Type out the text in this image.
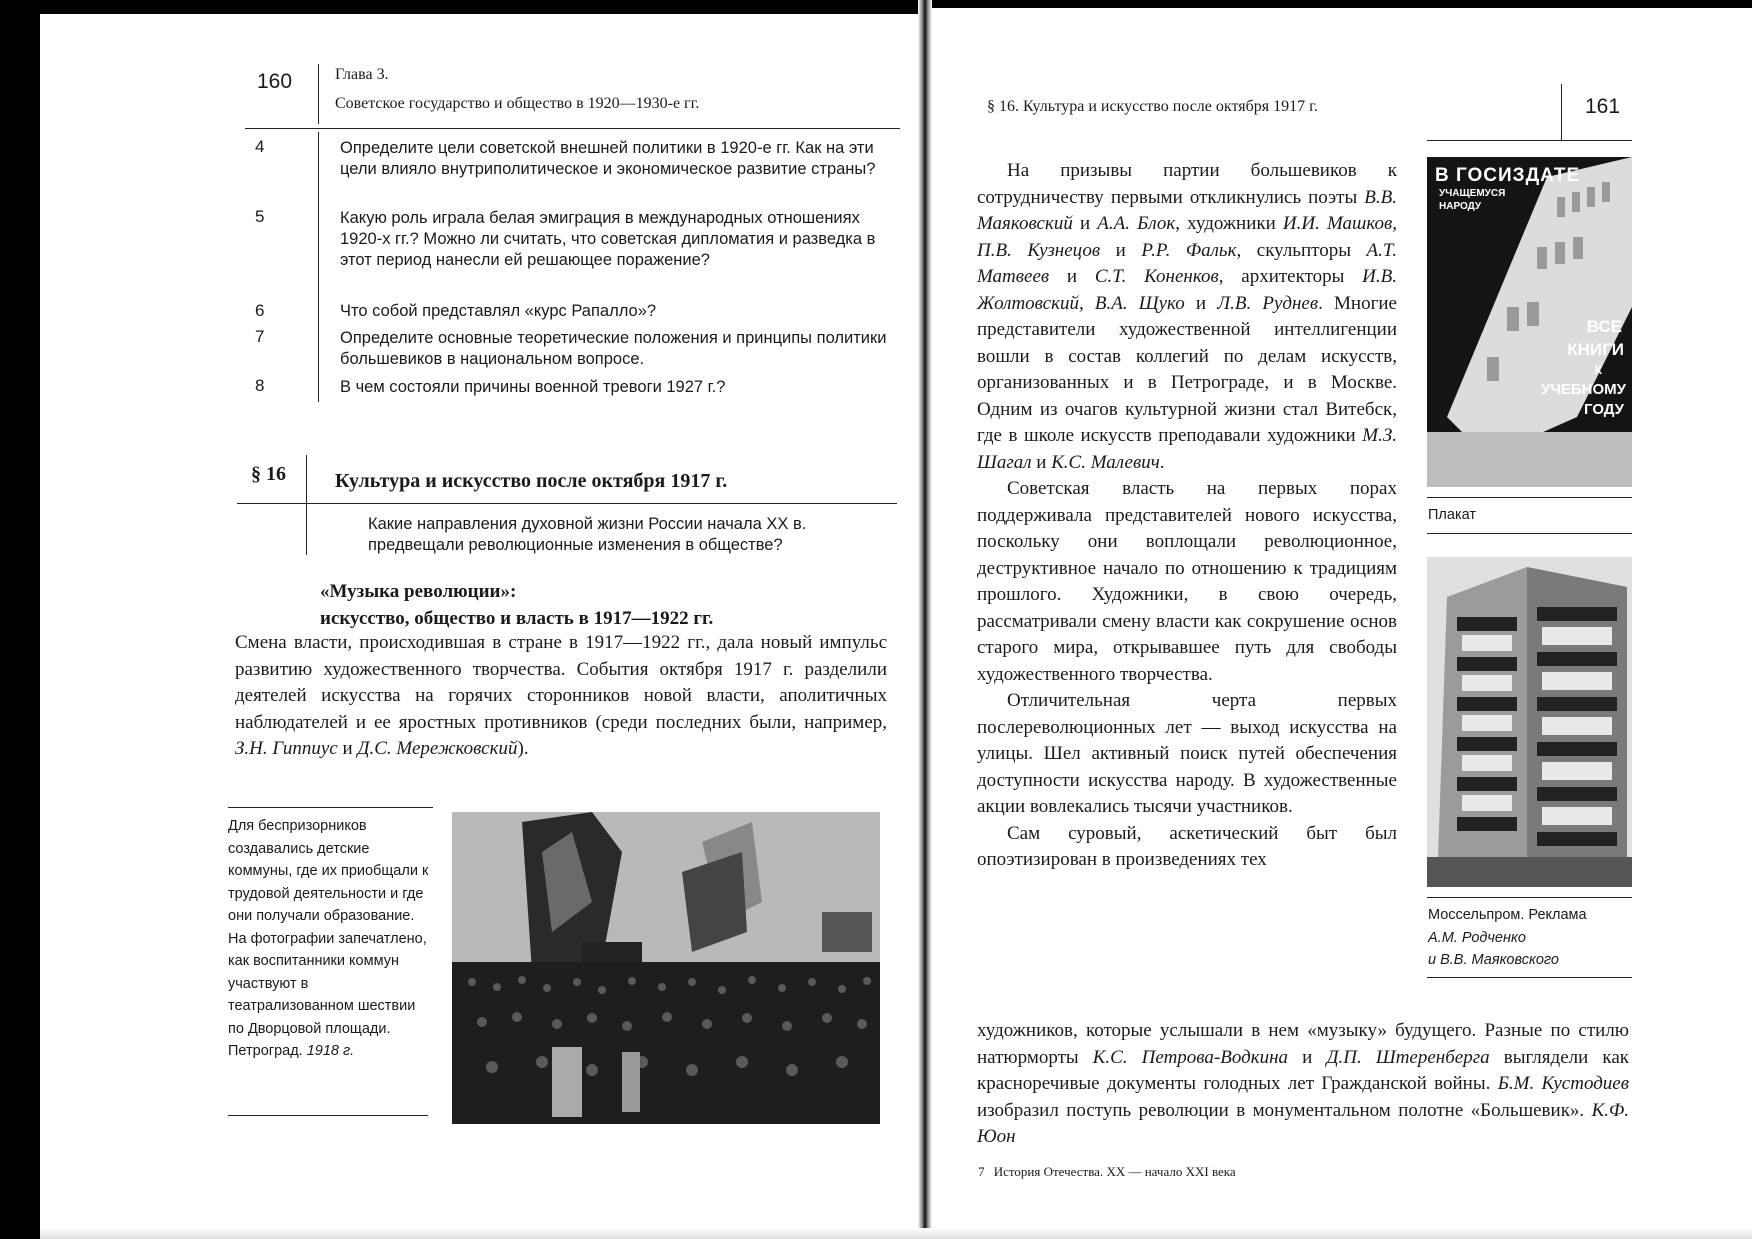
160	Глава 3.
Советское государство и общество в 1920—1930-е гг.
4	Определите цели советской внешней политики в 1920-е гг. Как на эти цели влияло внутриполитическое и экономическое развитие страны?
5	Какую роль играла белая эмиграция в международных отношениях 1920-х гг.? Можно ли считать, что советская дипломатия и разведка в этот период нанесли ей решающее поражение?
6	Что собой представлял «курс Рапалло»?
7	Определите основные теоретические положения и принципы политики большевиков в национальном вопросе.
8	В чем состояли причины военной тревоги 1927 г.?
§ 16 Культура и искусство после октября 1917 г.
Какие направления духовной жизни России начала XX в. предвещали революционные изменения в обществе?
«Музыка революции»:
искусство, общество и власть в 1917—1922 гг.

Смена власти, происходившая в стране в 1917—1922 гг., дала новый импульс развитию художественного творчества. События октября 1917 г. разделили деятелей искусства на горячих сторонников новой власти, аполитичных наблюдателей и ее яростных противников (среди последних были, например, З.Н. Гиппиус и Д.С. Мережковский).

Для беспризорников создавались детские коммуны, где их приобщали к трудовой деятельности и где они получали образование. На фотографии запечатлено, как воспитанники коммун участвуют в театрализованном шествии по Дворцовой площади. Петроград. 1918 г.
§ 16. Культура и искусство после октября 1917 г.	161

На призывы партии большевиков к сотрудничеству первыми откликнулись поэты В.В. Маяковский и А.А. Блок, художники И.И. Машков, П.В. Кузнецов и Р.Р. Фальк, скульпторы А.Т. Матвеев и С.Т. Коненков, архитекторы И.В. Жолтовский, В.А. Щуко и Л.В. Руднев. Многие представители художественной интеллигенции вошли в состав коллегий по делам искусств, организованных и в Петрограде, и в Москве. Одним из очагов культурной жизни стал Витебск, где в школе искусств преподавали художники М.З. Шагал и К.С. Малевич.

Советская власть на первых порах поддерживала представителей нового искусства, поскольку они воплощали революционное, деструктивное начало по отношению к традициям прошлого. Художники, в свою очередь, рассматривали смену власти как сокрушение основ старого мира, открывавшее путь для свободы художественного творчества.

Отличительная черта первых послереволюционных лет — выход искусства на улицы. Шел активный поиск путей обеспечения доступности искусства народу. В художественные акции вовлекались тысячи участников.

Сам суровый, аскетический быт был опоэтизирован в произведениях тех

художников, которые услышали в нем «музыку» будущего. Разные по стилю натюрморты К.С. Петрова-Водкина и Д.П. Штеренберга выглядели как красноречивые документы голодных лет Гражданской войны. Б.М. Кустодиев изобразил поступь революции в монументальном полотне «Большевик». К.Ф. Юон

В ГОСИЗДАТЕ
УЧАЩЕМУСЯ
НАРОДУ
ВСЕ
КНИГИ
К
УЧЕБНОМУ
ГОДУ
Плакат
Моссельпром. Реклама
А.М. Родченко
и В.В. Маяковского
7 История Отечества. XX — начало XXI века
